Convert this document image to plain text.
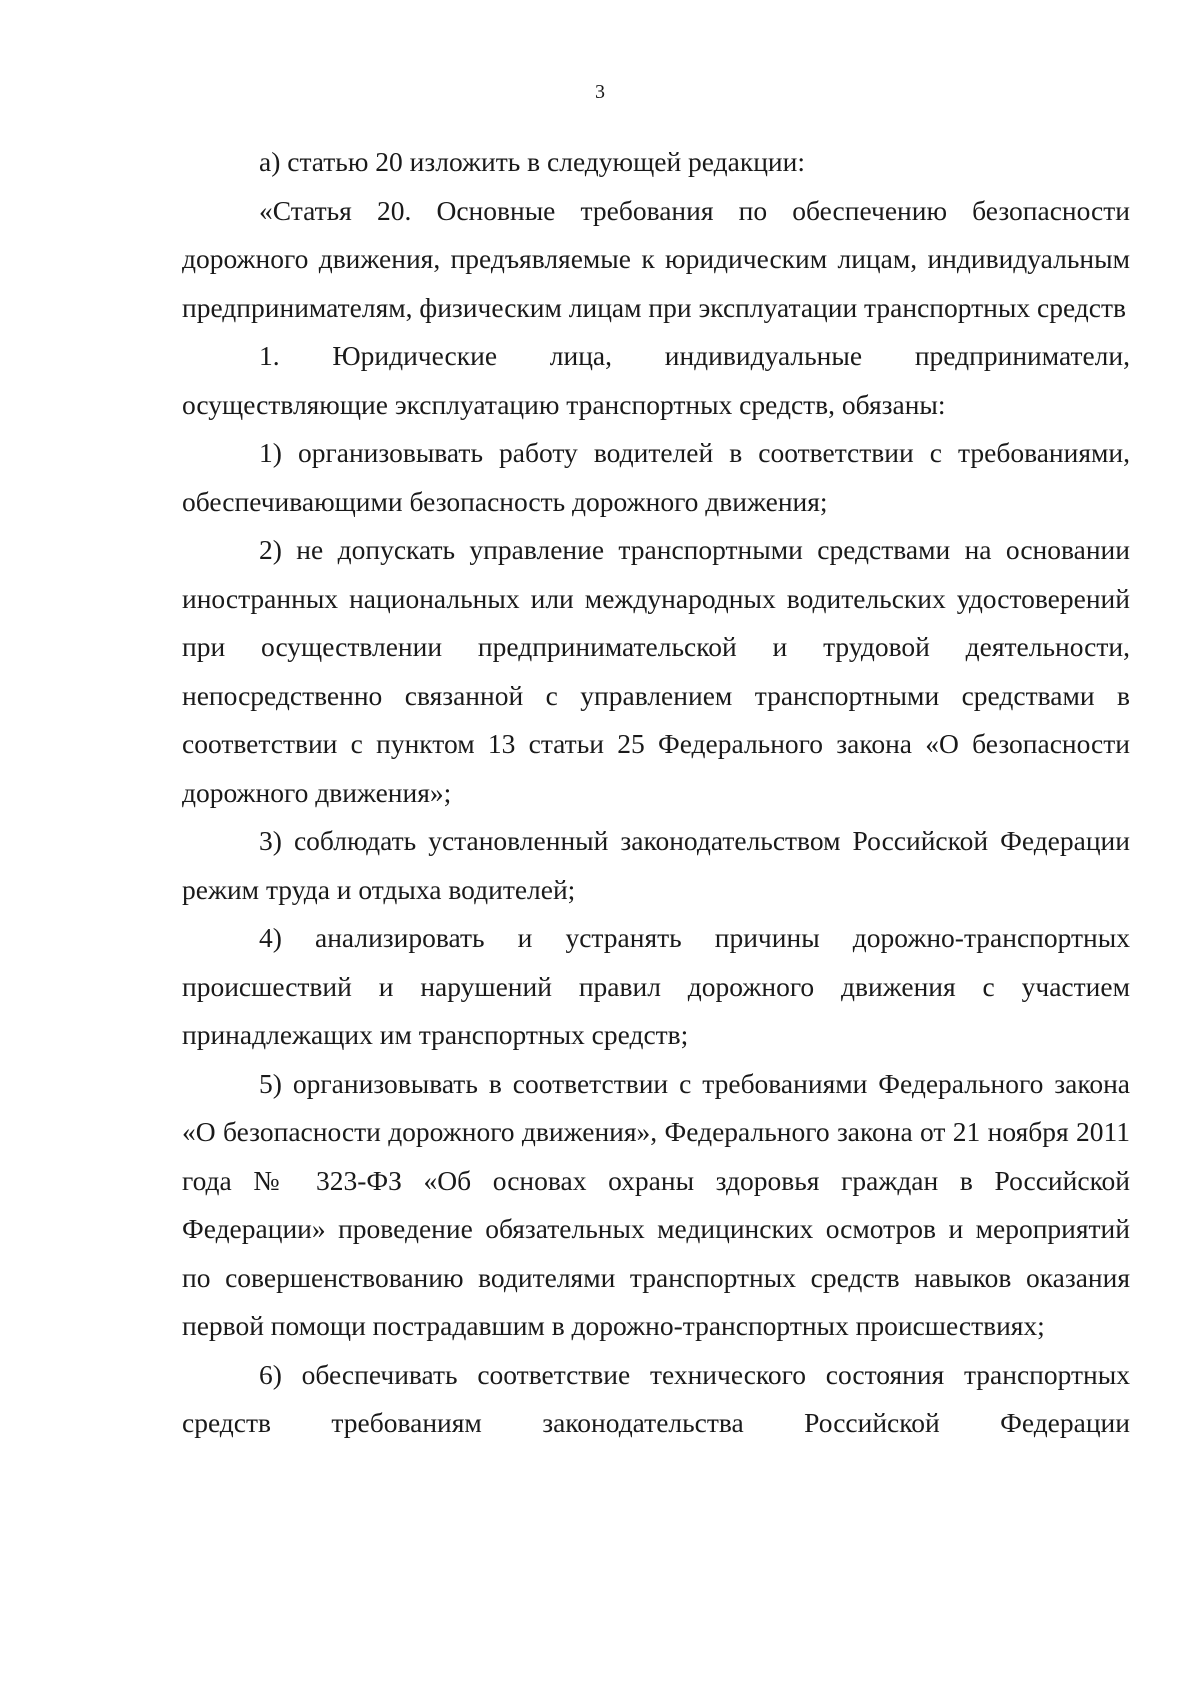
3

а) статью 20 изложить в следующей редакции:

«Статья 20. Основные требования по обеспечению безопасности дорожного движения, предъявляемые к юридическим лицам, индивидуальным предпринимателям, физическим лицам при эксплуатации транспортных средств

1. Юридические лица, индивидуальные предприниматели, осуществляющие эксплуатацию транспортных средств, обязаны:

1) организовывать работу водителей в соответствии с требованиями, обеспечивающими безопасность дорожного движения;

2) не допускать управление транспортными средствами на основании иностранных национальных или международных водительских удостоверений при осуществлении предпринимательской и трудовой деятельности, непосредственно связанной с управлением транспортными средствами в соответствии с пунктом 13 статьи 25 Федерального закона «О безопасности дорожного движения»;

3) соблюдать установленный законодательством Российской Федерации режим труда и отдыха водителей;

4) анализировать и устранять причины дорожно-транспортных происшествий и нарушений правил дорожного движения с участием принадлежащих им транспортных средств;

5) организовывать в соответствии с требованиями Федерального закона «О безопасности дорожного движения», Федерального закона от 21 ноября 2011 года № 323-ФЗ «Об основах охраны здоровья граждан в Российской Федерации» проведение обязательных медицинских осмотров и мероприятий по совершенствованию водителями транспортных средств навыков оказания первой помощи пострадавшим в дорожно-транспортных происшествиях;

6) обеспечивать соответствие технического состояния транспортных средств требованиям законодательства Российской Федерации
